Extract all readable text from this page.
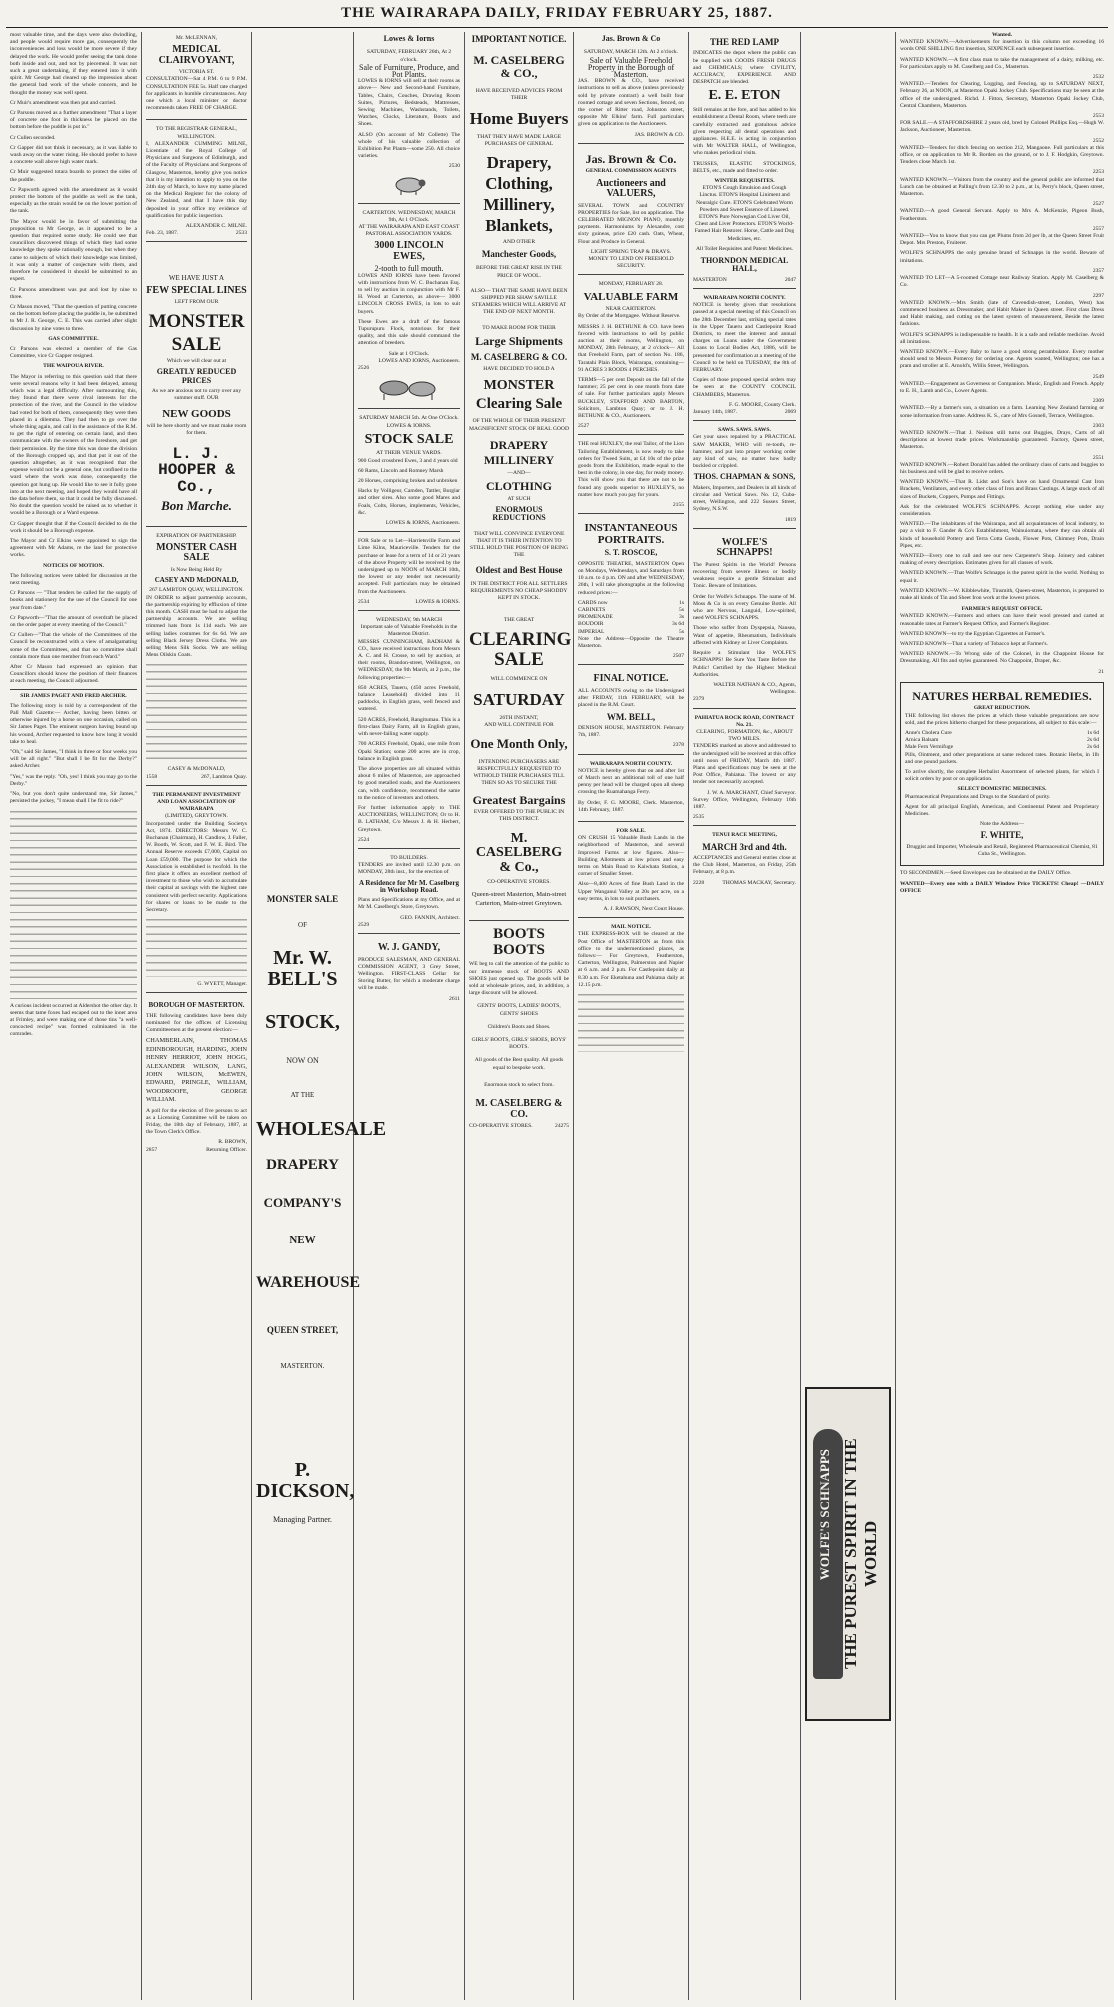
THE WAIRARAPA DAILY, FRIDAY FEBRUARY 25, 1887.

most valuable time, and the days were also dwindling, and people would require more gas, consequently the inconveniences and loss would be more severe if they delayed the work. He would prefer seeing the tank done both inside and out, and not by piecemeal. It was not such a great undertaking, if they entered into it with spirit. Mr George had cleared up the impression about the general bad work of the whole concern, and he thought the money was well spent.

Cr Muir's amendment was then put and carried.

Cr Parsons moved as a further amendment "That a layer of concrete one foot in thickness be placed on the bottom before the puddle is put in."

Cr Cullen seconded.

Cr Gapper did not think it necessary, as it was liable to wash away on the water rising. He should prefer to have a concrete wall above high water mark.

Cr Muir suggested totara boards to protect the sides of the puddle.

Cr Papworth agreed with the amendment as it would protect the bottom of the puddle as well as the tank, especially as the strain would be on the lower portion of the tank.

The Mayor would be in favor of submitting the proposition to Mr George, as it appeared to be a question that required some study. He could see that councillors discovered things of which they had some knowledge they spoke rationally enough, but when they came to subjects of which their knowledge was limited, it was only a matter of conjecture with them, and therefore he considered it should be submitted to an expert.

Cr Parsons amendment was put and lost by nine to three.

Cr Mason moved, "That the question of putting concrete on the bottom before placing the puddle in, be submitted to Mr J. R. George, C. E. This was carried after slight discussion by nine votes to three.

GAS COMMITTEE.

Cr Parsons was elected a member of the Gas Committee, vice Cr Gapper resigned.

THE WAIPOUA RIVER.

The Mayor in referring to this question said that there were several reasons why it had been delayed, among which was a legal difficulty. After surmounting this, they found that there were rival interests for the protection of the river, and the Council in the window had voted for both of them, consequently they were then placed in a dilemma. They had then to go over the whole thing again, and call in the assistance of the R.M. to get the right of entering on certain land, and then communicate with the owners of the foreshore, and get their permission. By the time this was done the division of the Borough cropped up, and that put it out of the question altogether, as it was recognised that the expense would not be a general one, but confined to the ward where the work was done, consequently the question got hung up. He would like to see it fully gone into at the next meeting, and hoped they would have all the data before them, so that it could be fully discussed. No doubt the question would be raised as to whether it would be a Borough or a Ward expense.

Cr Gapper thought that if the Council decided to do the work it should be a Borough expense.

The Mayor and Cr Elkins were appointed to sign the agreement with Mr Adams, re the land for protective works.

NOTICES OF MOTION.

The following notices were tabled for discussion at the next meeting.

Cr Parsons — "That tenders be called for the supply of books and stationery for the use of the Council for one year from date."

Cr Papworth—"That the amount of overdraft be placed on the order paper at every meeting of the Council."

Cr Cullen—"That the whole of the Committees of the Council be reconstructed with a view of amalgamating some of the Committees, and that no committee shall contain more than one member from each Ward."

After Cr Mason had expressed an opinion that Councillors should know the position of their finances at each meeting, the Council adjourned.

SIR JAMES PAGET AND FRED ARCHER.

The following story is told by a correspondent of the Pall Mall Gazette:— Archer, having been bitten or otherwise injured by a horse on one occasion, called on Sir James Paget. The eminent surgeon having bound up his wound, Archer requested to know how long it would take to heal.

"Oh," said Sir James, "I think in three or four weeks you will be all right." "But shall I be fit for the Derby?" asked Archer.

"Yes," was the reply. "Oh, yes! I think you may go to the Derby."

"No, but you don't quite understand me, Sir James," persisted the jockey, "I mean shall I be fit to ride?"

A curious incident occurred at Aldershot the other day. It seems that tame foxes had escaped out to the inner area at Frimley, and were making one of those tins "a well-concocted recipe" was formed culminated in the comrades.

Mr. McLENNAN,
MEDICAL CLAIRVOYANT,
VICTORIA ST.

CONSULTATION—Sat 4 P.M. 6 to 9 P.M. CONSULTATION FEE 5s. Half rate charged for applicants in humble circumstances. Any one which a local minister or doctor recommends taken FREE OF CHARGE.

TO THE REGISTRAR GENERAL, WELLINGTON.

I, ALEXANDER CUMMING MILNE, Licentiate of the Royal College of Physicians and Surgeons of Edinburgh, and of the Faculty of Physicians and Surgeons of Glasgow, Masterton, hereby give you notice that it is my intention to apply to you on the 24th day of March, to have my name placed on the Medical Register for the colony of New Zealand, and that I have this day deposited in your office my evidence of qualification for public inspection.

ALEXANDER C. MILNE.
Feb. 23, 1887.	2533
WE HAVE JUST A
FEW SPECIAL LINES
LEFT FROM OUR
MONSTER
SALE
Which we will clear out at
GREATLY REDUCED PRICES
As we are anxious not to carry over any summer stuff. OUR
NEW GOODS
will be here shortly and we must make room for them.
L. J. HOOPER & Co.,
Bon Marche.
EXPIRATION OF PARTNERSHIP.
MONSTER CASH SALE
Is Now Being Held By
CASEY AND McDONALD,
267 LAMBTON QUAY, WELLINGTON.

IN ORDER to adjust partnership accounts, the partnership expiring by effluxion of time this month. CASH must be had to adjust the partnership accounts. We are selling trimmed hats from 1s 11d each. We are selling ladies costumes for 6s 6d. We are selling Black Jersey Dress Cloths. We are selling Mens Silk Socks. We are selling Mens Oilskin Coats.

CASEY & McDONALD,
1558	267, Lambton Quay.
THE PERMANENT INVESTMENT AND LOAN ASSOCIATION OF WAIRARAPA
(LIMITED), GREYTOWN.

Incorporated under the Building Societys Act, 1874. DIRECTORS: Messrs W. C. Buchanan (Chairman), H. Candlow, J. Faller, W. Booth, W. Scott, and F. W. E. Bird. The Annual Reserve exceeds £7,000, Capital on Loan £59,000. The purpose for which the Association is established is twofold. In the first place it offers an excellent method of investment to those who wish to accumulate their capital at savings with the highest rate consistent with perfect security. Applications for shares or loans to be made to the Secretary.

G. WYETT, Manager.
BOROUGH OF MASTERTON.

THE following candidates have been duly nominated for the offices of Licensing Committeemen at the present election:—

CHAMBERLAIN, THOMAS EDINBOROUGH, HARDING, JOHN HENRY HERRIOT, JOHN HOGG, ALEXANDER WILSON, LANG, JOHN WILSON, McEWEN, EDWARD, PRINGLE, WILLIAM, WOODROOFE, GEORGE WILLIAM.

A poll for the election of five persons to act as a Licensing Committee will be taken on Friday, the 18th day of February, 1887, at the Town Clerk's Office.

R. BROWN,
2857	Returning Officer.
MONSTER SALE
OF
Mr. W. BELL'S
STOCK,
NOW ON
AT THE
WHOLESALE
DRAPERY
COMPANY'S
NEW
WAREHOUSE
QUEEN STREET,
MASTERTON.
P. DICKSON,
Managing Partner.
Lowes & Iorns
SATURDAY, FEBRUARY 26th, At 2 o'clock.
Sale of Furniture, Produce, and Pot Plants.

LOWES & IORNS will sell at their rooms as above— New and Second-hand Furniture, Tables, Chairs, Couches, Drawing Room Suites, Pictures, Bedsteads, Mattresses, Sewing Machines, Washstands, Toilets, Watches, Clocks, Literature, Boots and Shoes.

ALSO (On account of Mr Collette) The whole of his valuable collection of Exhibition Pot Plants—some 250. All choice varieties.

2530
CARTERTON. WEDNESDAY, MARCH 9th, At 1 O'Clock.
AT THE WAIRARAPA AND EAST COAST PASTORAL ASSOCIATION YARDS.
3000 LINCOLN EWES,
2-tooth to full mouth.

LOWES AND IORNS have been favored with instructions from W. C. Buchanan Esq. to sell by auction in conjunction with Mr F. H. Wood at Carterton, as above— 3000 LINCOLN CROSS EWES, in lots to suit buyers.

These Ewes are a draft of the famous Tupurupuru Flock, notorious for their quality, and this sale should command the attention of breeders.

Sale at 1 O'Clock.
LOWES AND IORNS, Auctioneers.
2526
SATURDAY MARCH 5th. At One O'Clock.
LOWES & IORNS.
STOCK SALE
AT THEIR VENUE YARDS.

900 Good crossbred Ewes, 3 and 4 years old

60 Rams, Lincoln and Romney Marsh

20 Horses, comprising broken and unbroken

Hacks by Volligeur, Camden, Tattler, Burglar and other sires. Also some good Mares and Foals, Colts, Horses, implements, Vehicles, &c.

LOWES & IORNS, Auctioneers.

FOR Sale or to Let—Harrietsville Farm and Lime Kilns, Mauriceville. Tenders for the purchase or lease for a term of 14 or 21 years of the above Property will be received by the undersigned up to NOON of MARCH 10th, the lowest or any tender not necessarily accepted. Full particulars may be obtained from the Auctioneers.

2534	LOWES & IORNS.
WEDNESDAY, 9th MARCH
Important sale of Valuable Freeholds in the Masterton District.

MESSRS CUNNINGHAM, BADHAM & CO., have received instructions from Messrs A. C. and H. Crosse, to sell by auction, at their rooms, Brandon-street, Wellington, on WEDNESDAY, the 9th March, at 2 p.m., the following properties:—

850 ACRES, Taueru, (450 acres Freehold, balance Leasehold) divided into 11 paddocks, in English grass, well fenced and watered.

520 ACRES, Freehold, Rangitumau. This is a first-class Dairy Farm, all in English grass, with never-failing water supply.

700 ACRES Freehold, Opaki, one mile from Opaki Station; some 200 acres are in crop, balance in English grass.

The above properties are all situated within about 6 miles of Masterton, are approached by good metalled roads, and the Auctioneers can, with confidence, recommend the same to the notice of investors and others.

For further information apply to THE AUCTIONEERS, WELLINGTON; Or to H. B. LATHAM, C/o Messrs J. & H. Herbert, Greytown.

2524
TO BUILDERS.

TENDERS are invited until 12.30 p.m. on MONDAY, 28th inst., for the erection of

A Residence for Mr M. Caselberg in Workshop Road.

Plans and Specifications at my Office, and at Mr M. Caselberg's Store, Greytown.

GEO. FANNIN, Architect.
2529
W. J. GANDY,

PRODUCE SALESMAN, AND GENERAL COMMISSION AGENT, 3 Grey Street, Wellington. FIRST-CLASS Cellar for Storing Butter, for which a moderate charge will be made.

2611
IMPORTANT NOTICE.
M. CASELBERG & CO.,
HAVE RECEIVED ADVICES FROM THEIR
Home Buyers
THAT THEY HAVE MADE LARGE PURCHASES OF GENERAL
Drapery,
Clothing,
Millinery,
Blankets,
AND OTHER
Manchester Goods,
BEFORE THE GREAT RISE IN THE PRICE OF WOOL.
ALSO— THAT THE SAME HAVE BEEN SHIPPED PER SHAW SAVILLE STEAMERS WHICH WILL ARRIVE AT THE END OF NEXT MONTH.
TO MAKE ROOM FOR THEIR
Large Shipments
M. CASELBERG & CO.
HAVE DECIDED TO HOLD A
MONSTER
Clearing Sale
OF THE WHOLE OF THEIR PRESENT MAGNIFICENT STOCK OF REAL GOOD
DRAPERY
MILLINERY
—AND—
CLOTHING
AT SUCH
ENORMOUS REDUCTIONS
THAT WILL CONVINCE EVERYONE THAT IT IS THEIR INTENTION TO STILL HOLD THE POSITION OF BEING THE
Oldest and Best House
IN THE DISTRICT FOR ALL SETTLERS REQUIREMENTS NO CHEAP SHODDY KEPT IN STOCK.
THE GREAT
CLEARING SALE
WILL COMMENCE ON
SATURDAY
26TH INSTANT,
AND WILL CONTINUE FOR
One Month Only,
INTENDING PURCHASERS ARE RESPECTFULLY REQUESTED TO WITHOLD THEIR PURCHASES TILL THEN SO AS TO SECURE THE
Greatest Bargains
EVER OFFERED TO THE PUBLIC IN THIS DISTRICT.
M. CASELBERG & Co.,
CO-OPERATIVE STORES.
Queen-street Masterton, Main-street Carterton, Main-street Greytown.
BOOTS BOOTS

WE beg to call the attention of the public to our immense stock of BOOTS AND SHOES just opened up. The goods will be sold at wholesale prices, and, in addition, a large discount will be allowed.

GENTS' BOOTS, LADIES' BOOTS, GENTS' SHOES
Children's Boots and Shoes.
GIRLS' BOOTS, GIRLS' SHOES, BOYS' BOOTS.
All goods of the Best quality. All goods equal to bespoke work.
Enormous stock to select from.
M. CASELBERG & CO.
CO-OPERATIVE STORES.	24275
Jas. Brown & Co
SATURDAY, MARCH 12th. At 2 o'clock.
Sale of Valuable Freehold Property in the Borough of Masterton.

JAS. BROWN & CO., have received instructions to sell as above (unless previously sold by private contract) a well built four roomed cottage and seven Sections, fenced, on the corner of Ritter road, Johnston street, opposite Mr Elkins' farm. Full particulars given on application to the Auctioneers.

JAS. BROWN & CO.
Jas. Brown & Co.
GENERAL COMMISSION AGENTS
Auctioneers and VALUERS,

SEVERAL TOWN and COUNTRY PROPERTIES for Sale, list on application. The CELEBRATED MIGNON PIANO, monthly payments. Harmoniums by Alexandre, cost sixty guineas, price £20 cash. Oats, Wheat, Flour and Produce in General.

LIGHT SPRING TRAP & DRAYS.
MONEY TO LEND ON FREEHOLD SECURITY.
MONDAY, FEBRUARY 28.
VALUABLE FARM
NEAR CARTERTON.

By Order of the Mortgagee. Without Reserve.

MESSRS J. H. BETHUNE & CO. have been favored with instructions to sell by public auction at their rooms, Wellington, on MONDAY, 28th February, at 2 o'clock— All that Freehold Farm, part of section No. 186, Taratahi Plain Block, Wairarapa, containing— 91 ACRES 3 ROODS 4 PERCHES.

TERMS—5 per cent Deposit on the fall of the hammer; 25 per cent in one month from date of sale. For further particulars apply Messrs BUCKLEY, STAFFORD AND BARTON, Solicitors, Lambton Quay; or to J. H. BETHUNE & CO., Auctioneers.

2527

THE real HUXLEY, the real Tailor, of the Lion Tailoring Establishment, is now ready to take orders for Tweed Suits, at £4 10s of the prize goods from the Exhibition, made equal to the best in the colony, in one day, for ready money. This will show you that there are not to be found any goods superior to HUXLEY'S, no matter how much you pay for yours.

2155
INSTANTANEOUS PORTRAITS.
S. T. ROSCOE,

OPPOSITE THEATRE, MASTERTON Open on Mondays, Wednesdays, and Saturdays from 10 a.m. to 4 p.m. ON and after WEDNESDAY, 26th, I will take photographs at the following reduced prices:—

CARDS now	1s
CABINETS	5s
PROMENADE	3s
BOUDOIR	3s 6d
IMPERIAL	5s

Note the Address—Opposite the Theatre Masterton.

2507
FINAL NOTICE.

ALL ACCOUNTS owing to the Undersigned after FRIDAY, 11th FEBRUARY, will be placed in the R.M. Court.

WM. BELL,

DENISON HOUSE, MASTERTON. February 7th, 1887.

2378
WAIRARAPA NORTH COUNTY.

NOTICE is hereby given that on and after 1st of March next an additional toll of one half penny per head will be charged upon all sheep crossing the Ruamahanga Ferry.

By Order, F. G. MOORE, Clerk. Masterton, 14th February, 1887.

FOR SALE.

ON CRUSH 15 Valuable Bush Lands in the neighborhood of Masterton, and several Improved Farms at low figures. Also—Building Allotments at low prices and easy terms on Main Road to Kaiwhata Station, a corner of Smaller Street.

Also—8,400 Acres of fine Bush Land in the Upper Wanganui Valley at 20s per acre, on a easy terms, in lots to suit purchasers.

A. J. RAWSON, Next Court House.
MAIL NOTICE.

THE EXPRESS-BOX will be cleared at the Post Office of MASTERTON as from this office to the undermentioned places, as follows:— For Greytown, Featherston, Carterton, Wellington, Palmerston and Napier at 6 a.m. and 2 p.m. For Castlepoint daily at 8.30 a.m. For Eketahuna and Pahiatua daily at 12.15 p.m.

THE RED LAMP

INDICATES the depot where the public can be supplied with GOODS FRESH DRUGS and CHEMICALS; where CIVILITY, ACCURACY, EXPERIENCE AND DESPATCH are blended.

E. E. ETON

Still remains at the fore, and has added to his establishment a Dental Room, where teeth are carefully extracted and gratuitous advice given respecting all dental operations and appliances. H.E.E. is acting in conjunction with Mr WALTER HALL, of Wellington, who makes periodical visits.

TRUSSES, ELASTIC STOCKINGS, BELTS, etc., made and fitted to order.

WINTER REQUISITES.

ETON'S Cough Emulsion and Cough Linctus. ETON'S Hospital Liniment and Neuralgic Cure. ETON'S Celebrated Worm Powders and Sweet Essence of Linseed. ETON'S Pure Norwegian Cod Liver Oil, Chest and Liver Protectors. ETON'S World-Famed Hair Restorer. Horse, Cattle and Dog Medicines, etc.

All Toilet Requisites and Patent Medicines.
THORNDON MEDICAL HALL,
MASTERTON	2047
WAIRARAPA NORTH COUNTY.

NOTICE is hereby given that resolutions passed at a special meeting of this Council on the 28th December last, striking special rates in the Upper Taueru and Castlepoint Road Districts, to meet the interest and annual charges on Loans under the Government Loans to Local Bodies Act, 1886, will be presented for confirmation at a meeting of the Council to be held on TUESDAY, the 8th of FEBRUARY.

Copies of those proposed special orders may be seen at the COUNTY COUNCIL CHAMBERS, Masterton.

F. G. MOORE, County Clerk.
January 14th, 1887.	2069
SAWS. SAWS. SAWS.

Get your saws repaired by a PRACTICAL SAW MAKER, WHO will re-tooth, re-hammer, and put into proper working order any kind of saw, no matter how badly buckled or crippled.

THOS. CHAPMAN & SONS,

Makers, Importers, and Dealers in all kinds of circular and Vertical Saws. No. 12, Cuba-street, Wellington, and 222 Sussex Street, Sydney, N.S.W.

1819
WOLFE'S SCHNAPPS!

The Purest Spirits in the World! Persons recovering from severe illness or bodily weakness require a gentle Stimulant and Tonic. Beware of Imitations.

Order for Wolfe's Schnapps. The name of M. Moss & Co is on every Genuine Bottle. All who are Nervous, Languid, Low-spirited, need WOLFE'S SCHNAPPS.

Those who suffer from Dyspepsia, Nausea, Want of appetite, Rheumatism, Individuals affected with Kidney or Liver Complaints.

Require a Stimulant like WOLFE'S SCHNAPPS! Be Sure You Taste Before the Public! Certified by the Highest Medical Authorities.

WALTER NATHAN & CO., Agents, Wellington.
2379
PAHIATUA ROCK ROAD, CONTRACT No. 21.
CLEARING, FORMATION, &c., ABOUT TWO MILES.

TENDERS marked as above and addressed to the undersigned will be received at this office until noon of FRIDAY, March 4th 1887. Plans and specifications may be seen at the Post Office, Pahiatua. The lowest or any tender not necessarily accepted.

J. W. A. MARCHANT, Chief Surveyor.

Survey Office, Wellington, February 16th 1887.

2535
TENUI RACE MEETING,
MARCH 3rd and 4th.

ACCEPTANCES and General entries close at the Club Hotel, Masterton, on Friday, 25th February, at 8 p.m.

2228	THOMAS MACKAY, Secretary.
WOLFE'S SCHNAPPS THE PUREST SPIRIT IN THE WORLD
Wanted.

WANTED KNOWN.—Advertisements for insertion in this column not exceeding 16 words ONE SHILLING first insertion, SIXPENCE each subsequent insertion.

WANTED KNOWN.—A first class man to take the management of a dairy, milking, etc. For particulars apply to M. Caselberg and Co., Masterton.

2532

WANTED.—Tenders for Clearing, Logging, and Fencing, up to SATURDAY NEXT, February 26, at NOON, at Masterton Opaki Jockey Club. Specifications may be seen at the office of the undersigned. Richd. J. Fitton, Secretary, Masterton Opaki Jockey Club, Central Chambers, Masterton.

2553

FOR SALE.—A STAFFORDSHIRE 2 years old, bred by Colonel Phillips Esq.—Hugh W. Jackson, Auctioneer, Masterton.

2552

WANTED—Tenders for ditch fencing on section 212, Mangaone. Full particulars at this office, or on application to Mr R. Borden on the ground, or to J. F. Hodgkin, Greytown. Tenders close March 1st.

2253

WANTED KNOWN.—Visitors from the country and the general public are informed that Lunch can be obtained at Palling's from 12.30 to 2 p.m., at 1s, Perry's block, Queen street, Masterton.

2527

WANTED.—A good General Servant. Apply to Mrs A. McKenzie, Pigeon Bush, Featherston.

2557

WANTED—You to know that you can get Plums from 2d per lb, at the Queen Street Fruit Depot. Mrs Preston, Fruiterer.

WOLFE'S SCHNAPPS the only genuine brand of Schnapps in the world. Beware of imitations.

2357

WANTED TO LET—A 5-roomed Cottage near Railway Station. Apply M. Caselberg & Co.

2297

WANTED KNOWN.—Mrs Smith (late of Cavendish-street, London, West) has commenced business as Dressmaker, and Habit Maker in Queen street. First class Dress and Habit making, and cutting on the latest system of measurement, Beside the latest fashions.

WOLFE'S SCHNAPPS is indispensable to health. It is a safe and reliable medicine. Avoid all imitations.

WANTED KNOWN.—Every Baby to have a good strong perambulator. Every mother should send to Messrs Pomeroy for ordering one. Agents wanted, Wellington; one has a pram and stroller at E. Arnold's, Willis Street, Wellington.

2549

WANTED.—Engagement as Governess or Companion. Music, English and French. Apply to E. H., Lamb and Co., Lower Agents.

2309

WANTED.—By a farmer's son, a situation on a farm. Learning New Zealand farming or some information from same. Address K. S., care of Mrs Gosnell, Terrace, Wellington.

2303

WANTED KNOWN.—That J. Neilson still turns out Buggies, Drays, Carts of all descriptions at lowest trade prices. Workmanship guaranteed. Factory, Queen street, Masterton.

2551

WANTED KNOWN.—Robert Donald has added the ordinary class of carts and buggies to his business and will be glad to receive orders.

WANTED KNOWN.—That R. Lidst and Son's have on hand Ornamental Cast Iron Brackets, Ventilators, and every other class of Iron and Brass Castings. A large stock of all sizes of Buckets, Coppers, Pumps and Fittings.

Ask for the celebrated WOLFE'S SCHNAPPS. Accept nothing else under any consideration.

WANTED.—The inhabitants of the Wairarapa, and all acquaintances of local industry, to pay a visit to F. Gander & Co's Establishment, Wainuiomata, where they can obtain all kinds of household Pottery and Terra Cotta Goods, Flower Pots, Chimney Pots, Drain Pipes, etc.

WANTED—Every one to call and see our new Carpenter's Shop. Joinery and cabinet making of every description. Estimates given for all classes of work.

WANTED KNOWN.—That Wolfe's Schnapps is the purest spirit in the world. Nothing to equal it.

WANTED KNOWN.—W. Kibblewhite, Tinsmith, Queen-street, Masterton, is prepared to make all kinds of Tin and Sheet Iron work at the lowest prices.

FARMER'S REQUEST OFFICE.

WANTED KNOWN.—Farmers and others can have their wool pressed and carted at reasonable rates at Farmer's Request Office, and Farmer's Register.

WANTED KNOWN—to try the Egyptian Cigarettes at Farmer's.

WANTED KNOWN—That a variety of Tobacco kept at Farmer's.

WANTED KNOWN.—To Wrong side of the Colonel, in the Chappoint House for Dressmaking. All fits and styles guaranteed. No Chappoint, Draper, &c.

21
NATURES HERBAL REMEDIES.
GREAT REDUCTION.

THE following list shows the prices at which these valuable preparations are now sold, and the prices hitherto charged for these preparations, all subject to this scale:—

Anne's Cholera Cure	1s 6d
Arnica Balsam	2s 6d
Male Fern Vermifuge	2s 6d

Pills, Ointment, and other preparations at same reduced rates. Botanic Herbs, in 1lb and one pound packets.

To arrive shortly, the complete Herbalist Assortment of selected plants, for which I solicit orders by post or on application.

SELECT DOMESTIC MEDICINES.

Pharmaceutical Preparations and Drugs to the Standard of purity.

Agent for all principal English, American, and Continental Patent and Proprietary Medicines.

Note the Address—
F. WHITE,

Druggist and Importer, Wholesale and Retail, Registered Pharmaceutical Chemist, 81 Cuba St., Wellington.

TO SECONDMEN.—Seed Envelopes can be obtained at the DAILY Office.

WANTED—Every one with a DAILY Window Price TICKETS! Cheap! —DAILY OFFICE
